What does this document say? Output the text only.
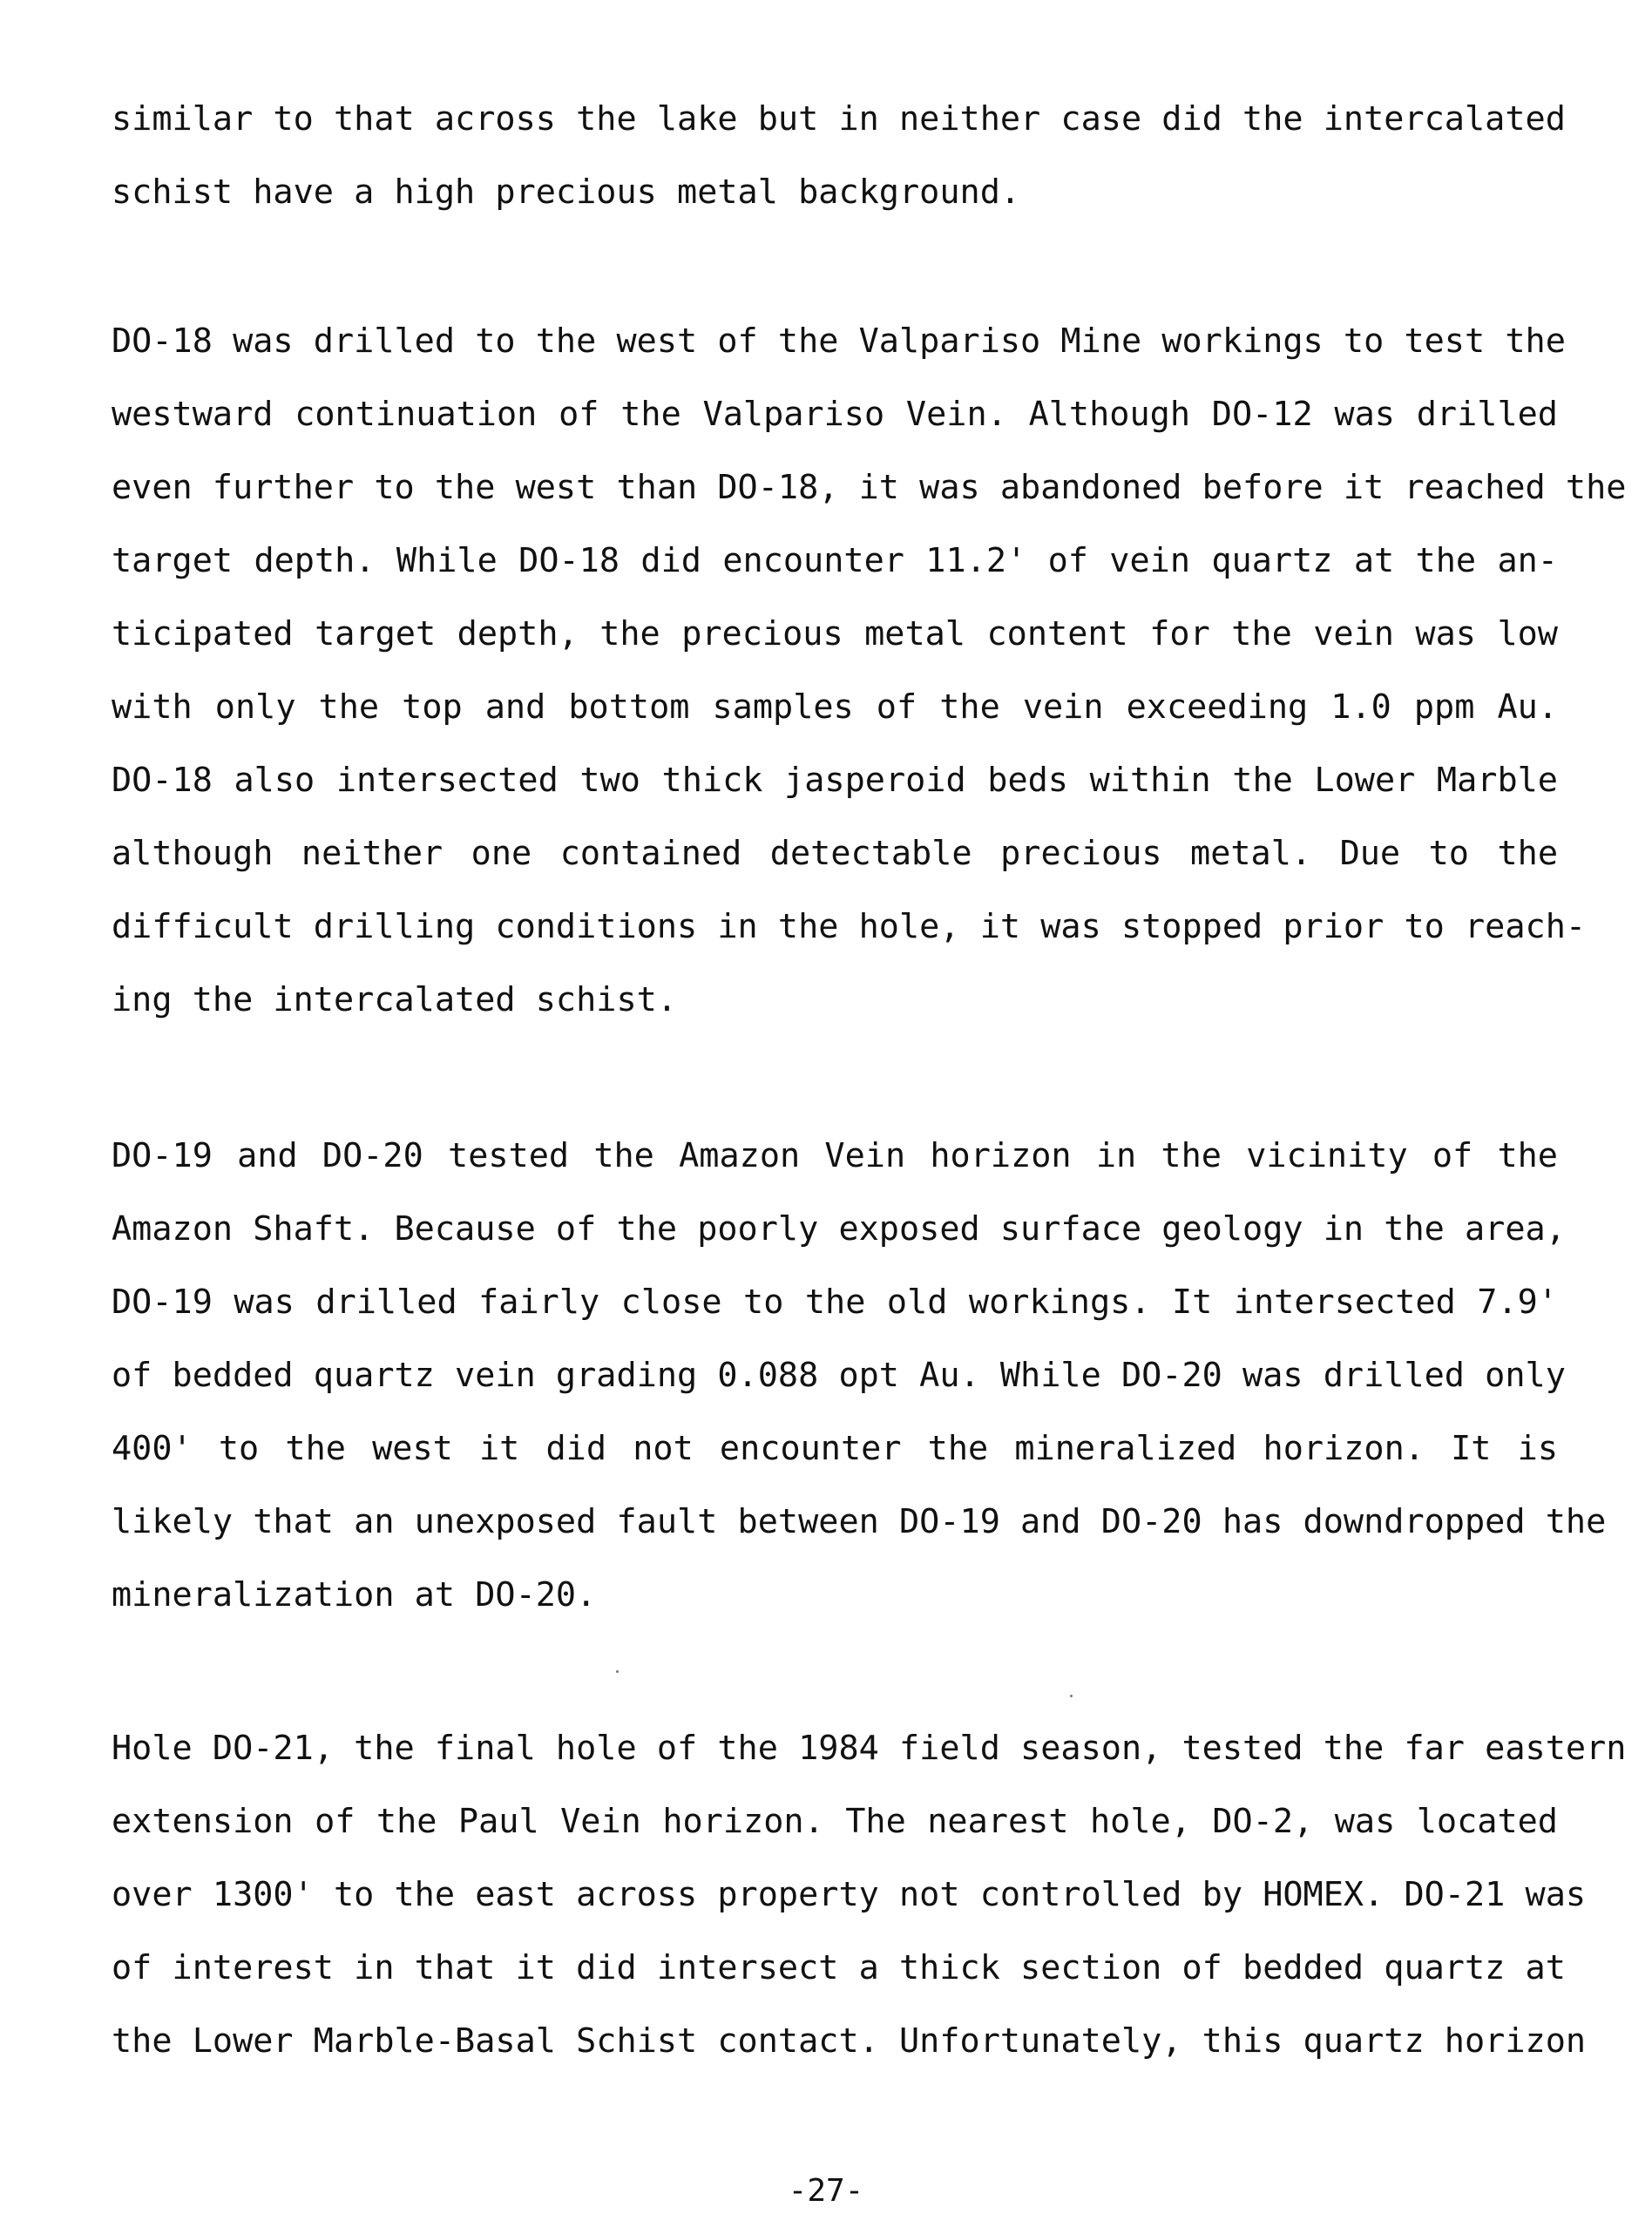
similar to that across the lake but in neither case did the intercalated
schist have a high precious metal background.
DO-18 was drilled to the west of the Valpariso Mine workings to test the
westward continuation of the Valpariso Vein. Although DO-12 was drilled
even further to the west than DO-18, it was abandoned before it reached the
target depth. While DO-18 did encounter 11.2' of vein quartz at the an-
ticipated target depth, the precious metal content for the vein was low
with only the top and bottom samples of the vein exceeding 1.0 ppm Au.
DO-18 also intersected two thick jasperoid beds within the Lower Marble
although neither one contained detectable precious metal. Due to the
difficult drilling conditions in the hole, it was stopped prior to reach-
ing the intercalated schist.
DO-19 and DO-20 tested the Amazon Vein horizon in the vicinity of the
Amazon Shaft. Because of the poorly exposed surface geology in the area,
DO-19 was drilled fairly close to the old workings. It intersected 7.9'
of bedded quartz vein grading 0.088 opt Au. While DO-20 was drilled only
400' to the west it did not encounter the mineralized horizon. It is
likely that an unexposed fault between DO-19 and DO-20 has downdropped the
mineralization at DO-20.
Hole DO-21, the final hole of the 1984 field season, tested the far eastern
extension of the Paul Vein horizon. The nearest hole, DO-2, was located
over 1300' to the east across property not controlled by HOMEX. DO-21 was
of interest in that it did intersect a thick section of bedded quartz at
the Lower Marble-Basal Schist contact. Unfortunately, this quartz horizon
-27-
